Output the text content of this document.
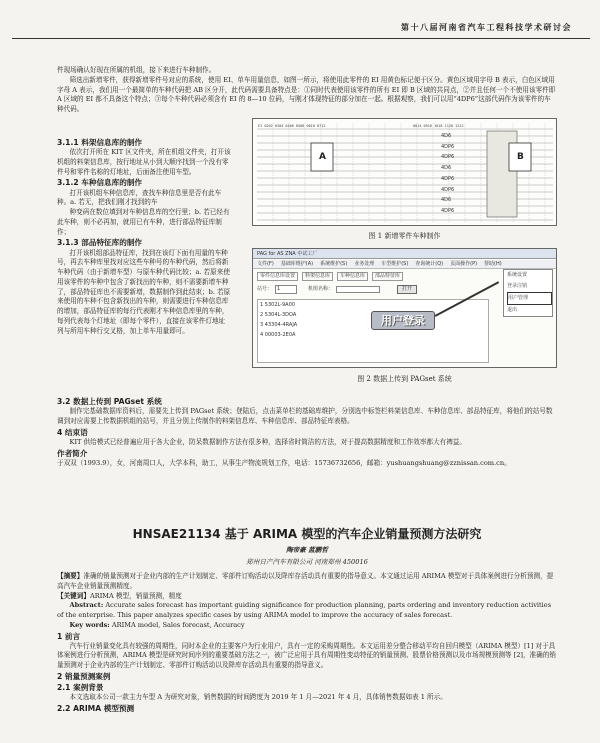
第十八届河南省汽车工程科技学术研讨会
件现场确认好现在所属的机组，接下来进行车种制作。
筛选出新增零件，获得新增零件号对应的系统，使用 EI、单车用量信息，如图一所示，将使用此零件的 EI 用黄色标记便于区分。黄色区域用字母 B 表示，白色区域用字母 A 表示，我们用一个最简单的车种代码把 AB 区分开，此代码需要具备特点是：①同时代表使用该零件的所有 EI 即 B 区域的共同点，②并且任何一个不使用该零件即 A 区域的 EI 都不具备这个特点；③每个车种代码必须含有 EI 的 8—10 位码，与刚才体现特征的部分加在一起。根据观察，我们可以用“4DP6”这部代码作为该零件的车种代码。
3.1.1 料架信息库的制作
依次打开所在 KIT 区文件夹，所在机组文件夹，打开该机组的料架信息库，按行地址从小到大顺序找到一个没有零件号和零件名称的灯地址，后面备注使用车型。
3.1.2 车种信息库的制作
打开该机组车种信息库，查找车种信息里是否有此车种。a. 若无，把我们刚才找到的车
种变码在数位填到对车种信息库的空行里；b. 若已经有此车种，则不必再加，就用已有车种，进行部品特征库制作；
3.1.3 部品特征库的制作
打开该机组部品特征库，找到在该灯下面有用量的车种号，再去车种库里找对应这些车种号的车种代码，然后将新车种代码（由于新增车型）与原车种代码比较；a. 若原来使用该零件的车种中包含了新找出的车种，则不需要新增车种了，部品特征库也不需要新增，数据制作到此结束；b. 若原来使用的车种不包含新找出的车种，则需要进行车种信息库的增加，部品特征库的每行代表刚才车种信息库里的车种，每列代表每个灯地址（即每个零件），直接在该零件灯地址列与所用车种行交叉格，加上单车用量即可。
EI 0202 0304 0406 0508 0610 0712	0814 0916 1018 1120 1222
A	B
4D6
4DP6
4DP6
4D6
4DP6
4DP6
4D6
4DP6
图 1 新增零件车种制作
PAG for AS ZNA 中试工厂
文件(F) 基础库维护(A) 系统维护(S) 业务处理 车型维护(S) 查询统计(Q) 页面操作(P) 帮助(H)
零件信息库设置	料架信息库	车种信息库	部品特征库
站号：	1	机组名称：	打开
1 5302L-9A00
2 5304L-3DOA
3 43304-4RAJA
4 00003-2E0A
用户登录
系统设置
登录注销
用户管理
退出
图 2 数据上传到 PAGset 系统
3.2 数据上传到 PAGset 系统
制作完基础数据库资料后，需要先上传到 PAGset 系统；登陆后，点击菜单栏的基础库维护，分别选中标签栏料架信息库、车种信息库、部品特征库，将他们的站号数调到对应需要上传数据机组的站号，并且分别上传制作的料架信息库、车种信息库、部品特征库表格。
4 结束语
KIT 供给模式已经普遍应用于各大企业，防呆数据制作方法有很多种，选择省时简洁的方法，对于提高数据精度和工作效率都大有裨益。
作者简介
于双双（1993.9），女，河南周口人，大学本科，助工，从事生产物流规划工作，电话：15736732656，邮箱：yushuangshuang@zznissan.com.cn。
HNSAE21134 基于 ARIMA 模型的汽车企业销量预测方法研究
陶帝豪 蓝鹏哲
郑州日产汽车有限公司 河南郑州 450016
【摘要】准确的销量预测对于企业内部的生产计划制定、零部件订购活动以及降库存活动具有重要的指导意义。本文通过运用 ARIMA 模型对于具体案例进行分析预测，提高汽车企业销量预测精度。
【关键词】ARIMA 模型，销量预测，精度
Abstract: Accurate sales forecast has important guiding significance for production planning, parts ordering and inventory reduction activities of the enterprise. This paper analyzes specific cases by using ARIMA model to improve the accuracy of sales forecast.
Key words: ARIMA model, Sales forecast, Accuracy
1 前言
汽车行业销量变化具有较强的周期性，同时本企业的主要客户为行业用户，具有一定的采购周期性。本文运用差分整合移动平均自回归模型（ARIMA 模型）[1] 对于具体案例进行分析预测，ARIMA 模型是研究时间序列的重要基础方法之一，被广泛应用于具有周期性变动特征的销量预测、股票价格预测以及市场规模预测等 [2]，准确的销量预测对于企业内部的生产计划制定、零部件订购活动以及降库存活动具有重要的指导意义。
2 销量预测案例
2.1 案例背景
本文选取本公司一款主力车型 A 为研究对象，销售数据的时间跨度为 2019 年 1 月—2021 年 4 月，具体销售数据如表 1 所示。
2.2 ARIMA 模型预测
